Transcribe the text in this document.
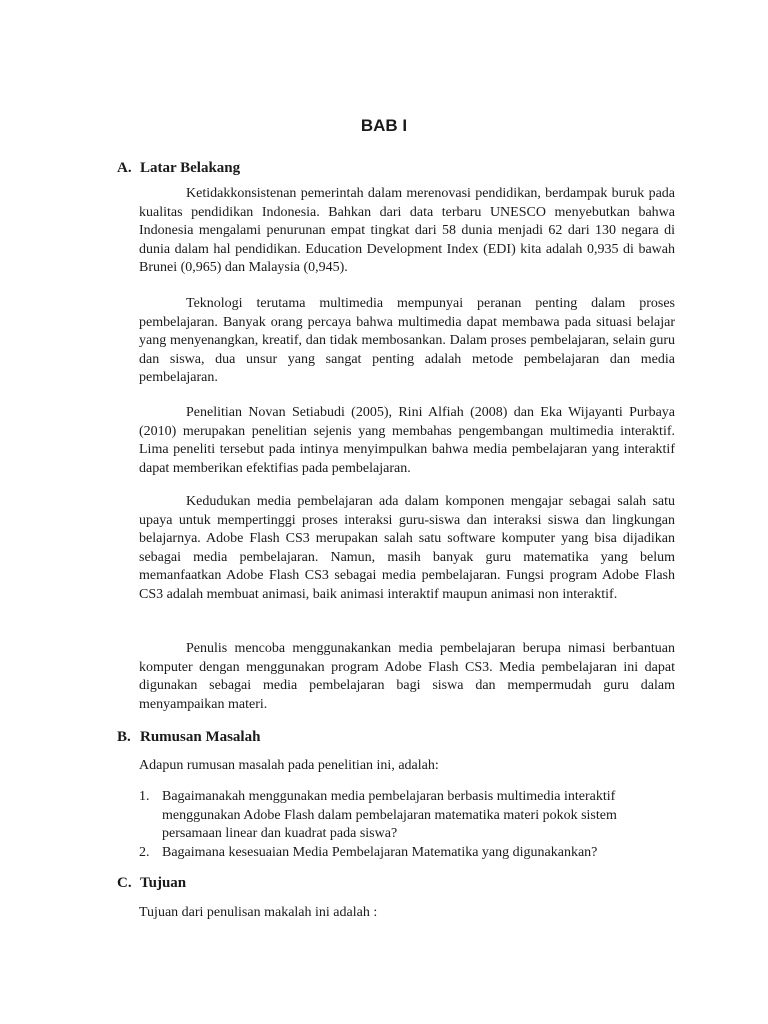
BAB I
A. Latar Belakang

Ketidakkonsistenan pemerintah dalam merenovasi pendidikan, berdampak buruk pada kualitas pendidikan Indonesia. Bahkan dari data terbaru UNESCO menyebutkan bahwa Indonesia mengalami penurunan empat tingkat dari 58 dunia menjadi 62 dari 130 negara di dunia dalam hal pendidikan. Education Development Index (EDI) kita adalah 0,935 di bawah Brunei (0,965) dan Malaysia (0,945).

Teknologi terutama multimedia mempunyai peranan penting dalam proses pembelajaran. Banyak orang percaya bahwa multimedia dapat membawa pada situasi belajar yang menyenangkan, kreatif, dan tidak membosankan. Dalam proses pembelajaran, selain guru dan siswa, dua unsur yang sangat penting adalah metode pembelajaran dan media pembelajaran.

Penelitian Novan Setiabudi (2005), Rini Alfiah (2008) dan Eka Wijayanti Purbaya (2010) merupakan penelitian sejenis yang membahas pengembangan multimedia interaktif. Lima peneliti tersebut pada intinya menyimpulkan bahwa media pembelajaran yang interaktif dapat memberikan efektifias pada pembelajaran.

Kedudukan media pembelajaran ada dalam komponen mengajar sebagai salah satu upaya untuk mempertinggi proses interaksi guru-siswa dan interaksi siswa dan lingkungan belajarnya. Adobe Flash CS3 merupakan salah satu software komputer yang bisa dijadikan sebagai media pembelajaran. Namun, masih banyak guru matematika yang belum memanfaatkan Adobe Flash CS3 sebagai media pembelajaran. Fungsi program Adobe Flash CS3 adalah membuat animasi, baik animasi interaktif maupun animasi non interaktif.

Penulis mencoba menggunakankan media pembelajaran berupa nimasi berbantuan komputer dengan menggunakan program Adobe Flash CS3. Media pembelajaran ini dapat digunakan sebagai media pembelajaran bagi siswa dan mempermudah guru dalam menyampaikan materi.

B. Rumusan Masalah

Adapun rumusan masalah pada penelitian ini, adalah:

1. Bagaimanakah menggunakan media pembelajaran berbasis multimedia interaktif menggunakan Adobe Flash dalam pembelajaran matematika materi pokok sistem persamaan linear dan kuadrat pada siswa?
2. Bagaimana kesesuaian Media Pembelajaran Matematika yang digunakankan?
C. Tujuan

Tujuan dari penulisan makalah ini adalah :
